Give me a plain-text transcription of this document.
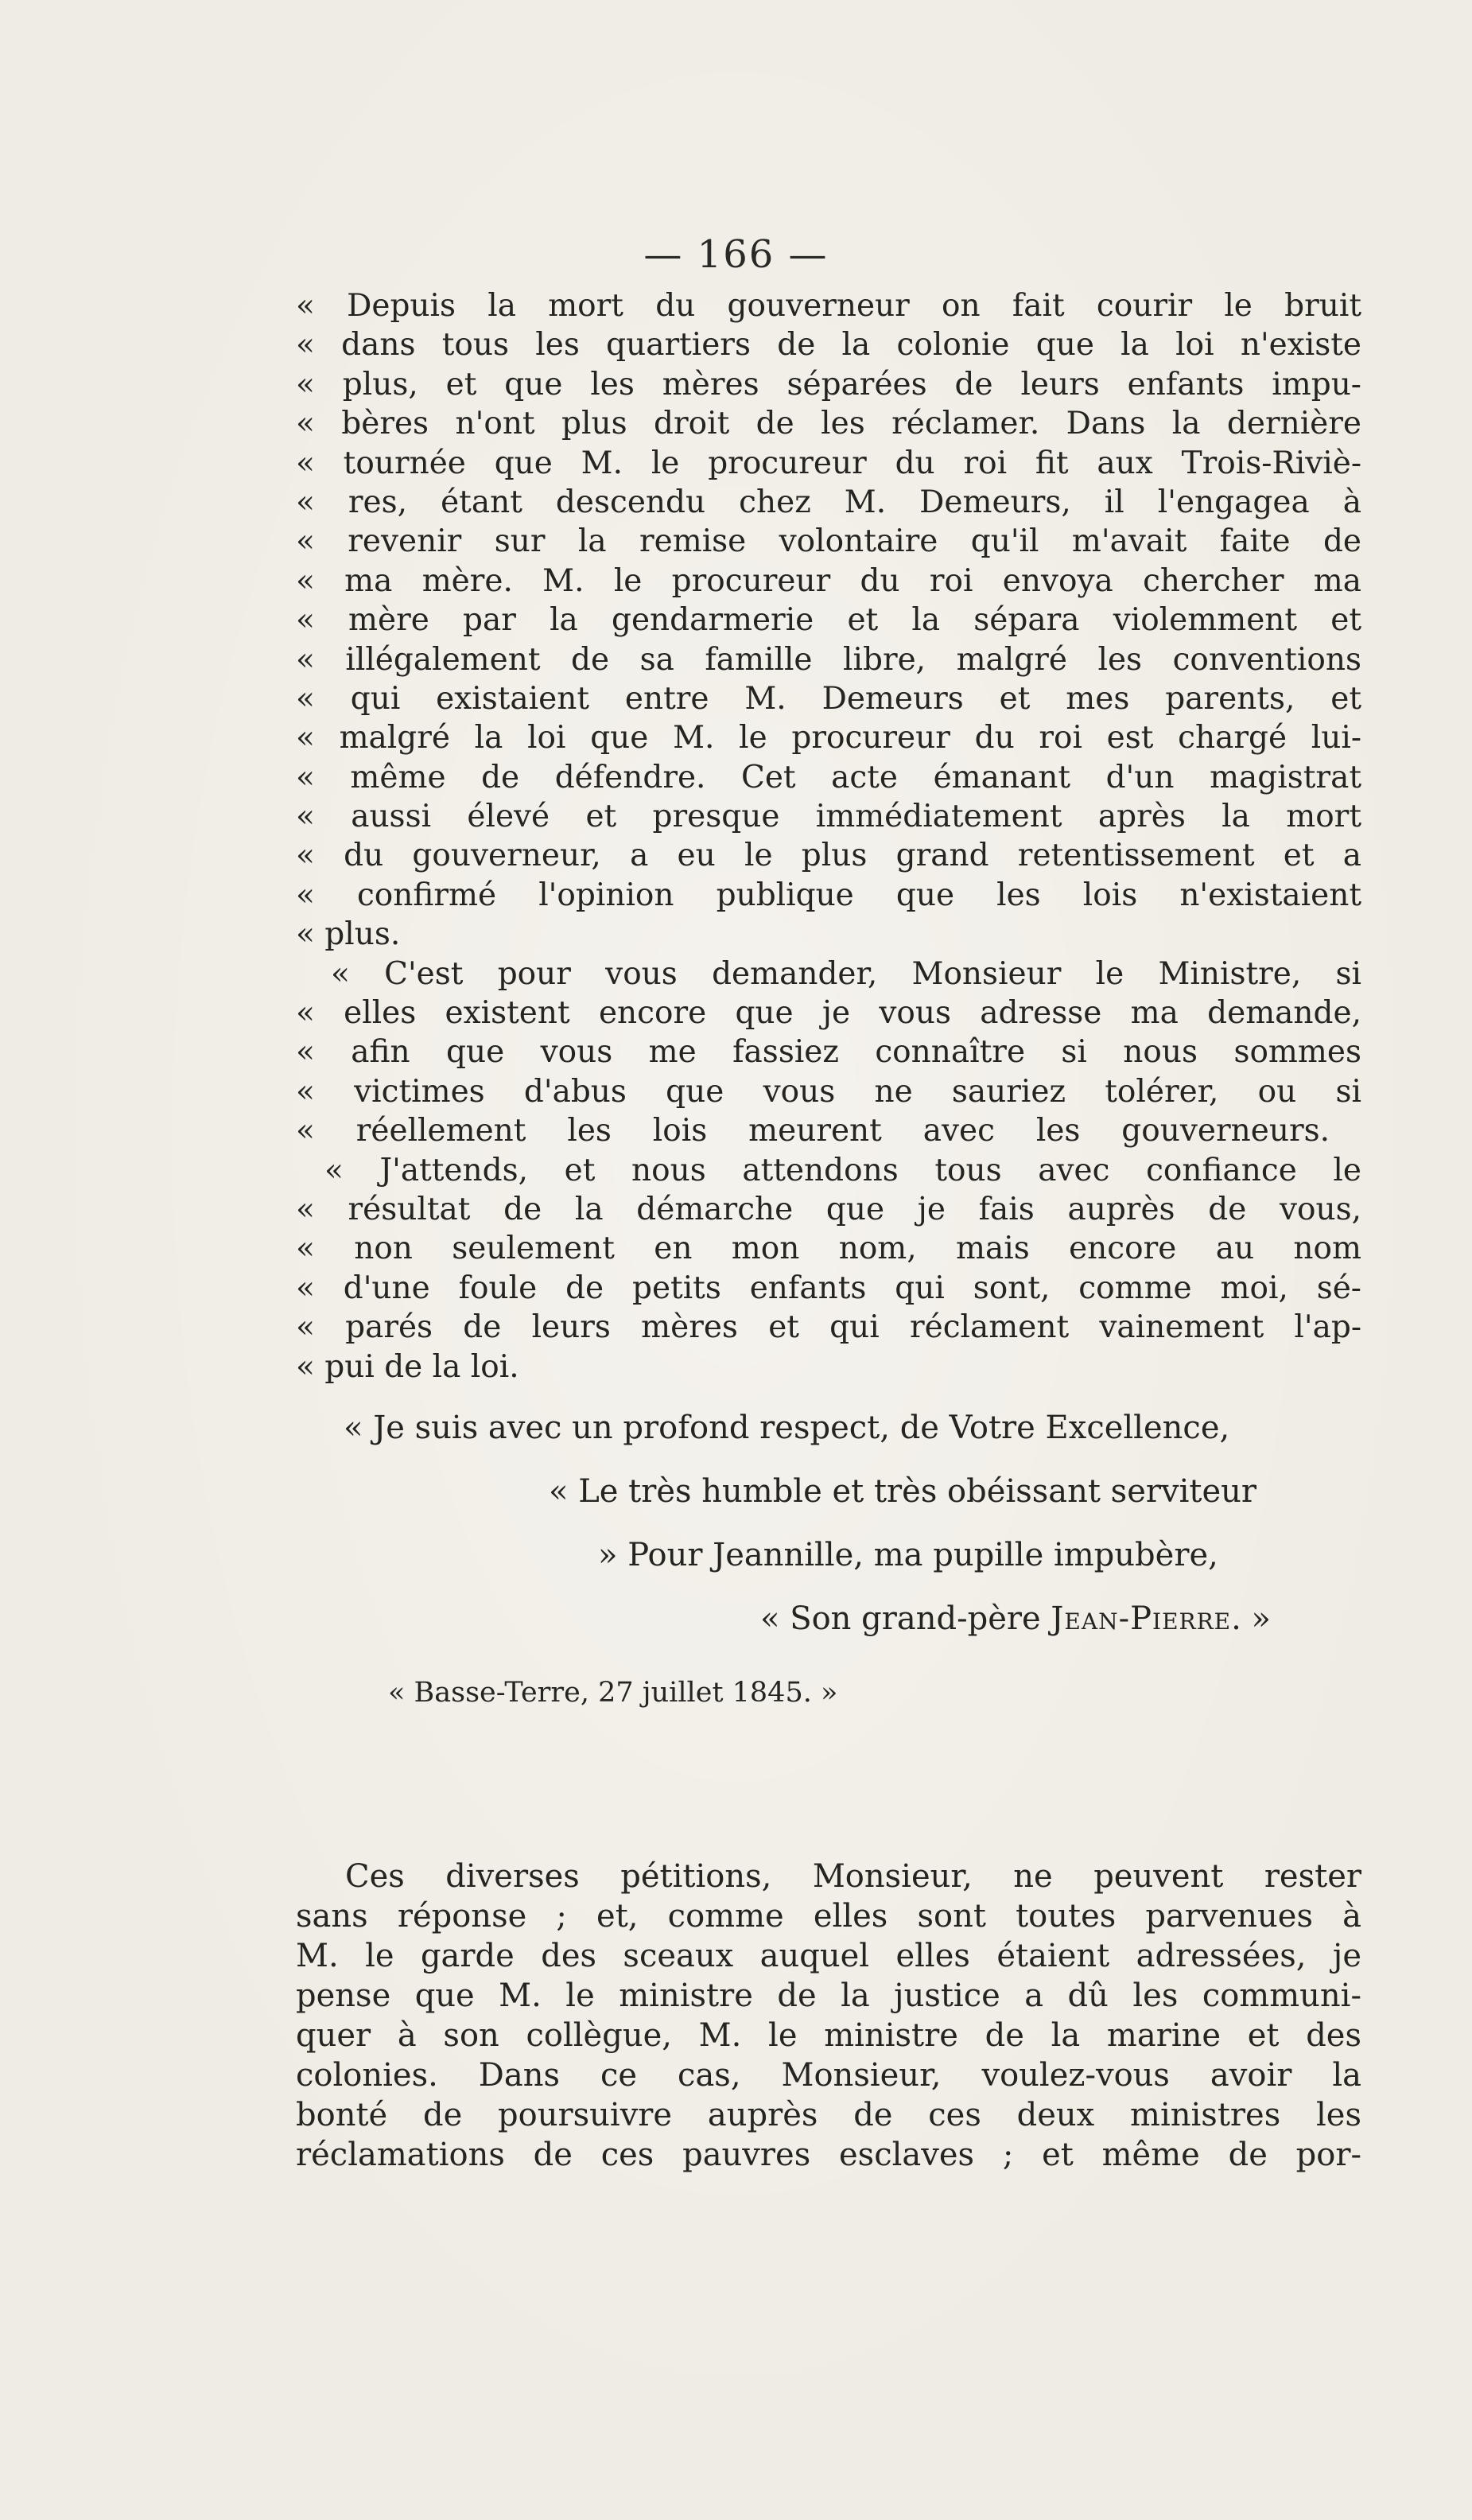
— 166 —
« Depuis la mort du gouverneur on fait courir le bruit
« dans tous les quartiers de la colonie que la loi n'existe
« plus, et que les mères séparées de leurs enfants impu-
« bères n'ont plus droit de les réclamer. Dans la dernière
« tournée que M. le procureur du roi fit aux Trois-Riviè-
« res, étant descendu chez M. Demeurs, il l'engagea à
« revenir sur la remise volontaire qu'il m'avait faite de
« ma mère. M. le procureur du roi envoya chercher ma
« mère par la gendarmerie et la sépara violemment et
« illégalement de sa famille libre, malgré les conventions
« qui existaient entre M. Demeurs et mes parents, et
« malgré la loi que M. le procureur du roi est chargé lui-
« même de défendre. Cet acte émanant d'un magistrat
« aussi élevé et presque immédiatement après la mort
« du gouverneur, a eu le plus grand retentissement et a
« confirmé l'opinion publique que les lois n'existaient
« plus.
« C'est pour vous demander, Monsieur le Ministre, si
« elles existent encore que je vous adresse ma demande,
« afin que vous me fassiez connaître si nous sommes
« victimes d'abus que vous ne sauriez tolérer, ou si
« réellement les lois meurent avec les gouverneurs.
« J'attends, et nous attendons tous avec confiance le
« résultat de la démarche que je fais auprès de vous,
« non seulement en mon nom, mais encore au nom
« d'une foule de petits enfants qui sont, comme moi, sé-
« parés de leurs mères et qui réclament vainement l'ap-
« pui de la loi.
« Je suis avec un profond respect, de Votre Excellence,
« Le très humble et très obéissant serviteur
» Pour Jeannille, ma pupille impubère,
« Son grand-père Jean-Pierre. »
« Basse-Terre, 27 juillet 1845. »
Ces diverses pétitions, Monsieur, ne peuvent rester
sans réponse ; et, comme elles sont toutes parvenues à
M. le garde des sceaux auquel elles étaient adressées, je
pense que M. le ministre de la justice a dû les communi-
quer à son collègue, M. le ministre de la marine et des
colonies. Dans ce cas, Monsieur, voulez-vous avoir la
bonté de poursuivre auprès de ces deux ministres les
réclamations de ces pauvres esclaves ; et même de por-
